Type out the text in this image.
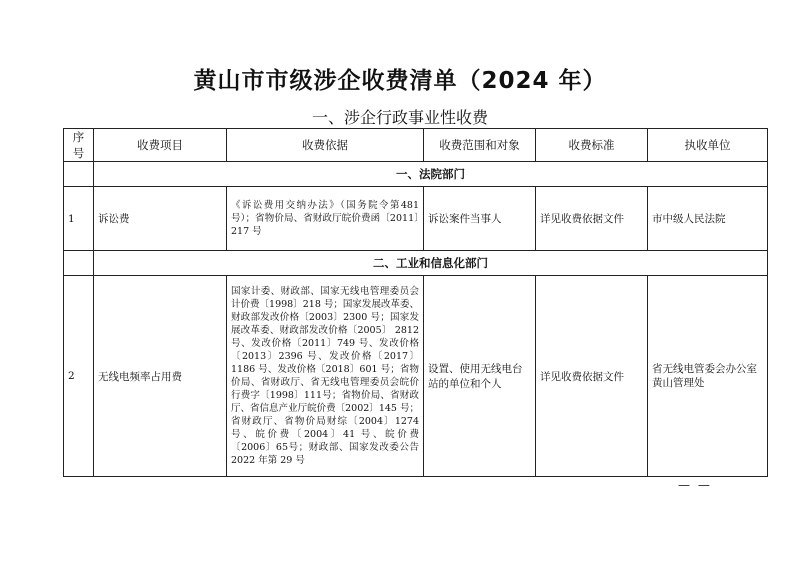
黄山市市级涉企收费清单（2024 年）
一、涉企行政事业性收费
序号	收费项目	收费依据	收费范围和对象	收费标准	执收单位
	一、法院部门				
1	诉讼费	《诉讼费用交纳办法》（国务院令第481 号）；省物价局、省财政厅皖价费函〔2011〕217 号	诉讼案件当事人	详见收费依据文件	市中级人民法院
	二、工业和信息化部门				
2	无线电频率占用费	国家计委、财政部、国家无线电管理委员会计价费〔1998〕218 号；国家发展改革委、财政部发改价格〔2003〕2300 号；国家发展改革委、财政部发改价格〔2005〕 2812 号、发改价格〔2011〕749 号、发改价格〔2013〕2396 号、发改价格〔2017〕1186 号、发改价格〔2018〕601 号；省物价局、省财政厅、省无线电管理委员会皖价行费字〔1998〕111号；省物价局、省财政厅、省信息产业厅皖价费〔2002〕145 号；省财政厅、省物价局财综〔2004〕1274 号、皖价费〔2004〕41 号、皖价费〔2006〕65号；财政部、国家发改委公告 2022 年第 29 号	设置、使用无线电台站的单位和个人	详见收费依据文件	省无线电管委会办公室黄山管理处
— —
